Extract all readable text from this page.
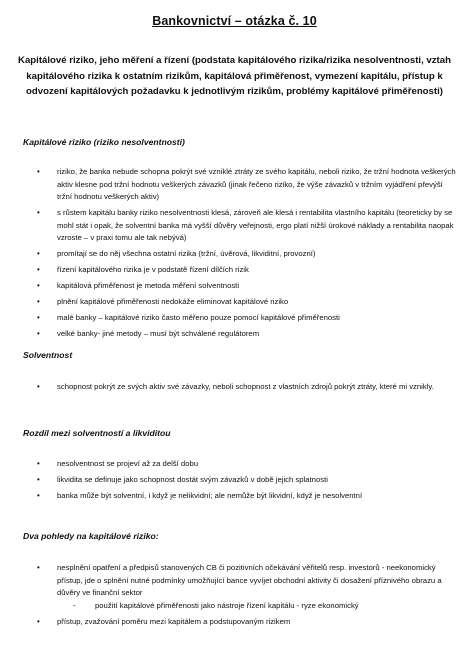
Bankovnictví – otázka č. 10
Kapitálové riziko, jeho měření a řízení (podstata kapitálového rizika/rizika nesolventnosti, vztah kapitálového rizika k ostatním rizikům, kapitálová přiměřenost, vymezení kapitálu, přístup k odvození kapitálových požadavku k jednotlivým rizikům, problémy kapitálové přiměřenosti)
Kapitálové riziko (riziko nesolventnosti)
• riziko, že banka nebude schopna pokrýt své vzniklé ztráty ze svého kapitálu, neboli riziko, že tržní hodnota veškerých aktiv klesne pod tržní hodnotu veškerých závazků (jinak řečeno riziko, že výše závazků v tržním vyjádření převýší tržní hodnotu veškerých aktiv)
• s růstem kapitálu banky riziko nesolventnosti klesá, zároveň ale klesá i rentabilita vlastního kapitálu (teoreticky by se mohl stát i opak, že solventní banka má vyšší důvěry veřejnosti, ergo platí nižší úrokové náklady a rentabilita naopak vzroste – v praxi tomu ale tak nebývá)
• promítají se do něj všechna ostatní rizika (tržní, úvěrová, likviditní, provozní)
• řízení kapitálového rizika je v podstatě řízení dílčích rizik
• kapitálová přiměřenost je metoda měření solventnosti
• plnění kapitálové přiměřenosti nedokáže eliminovat kapitálové riziko
• malé banky – kapitálové riziko často měřeno pouze pomocí kapitálové přiměřenosti
• velké banky- jiné metody – musí být schválené regulátorem
Solventnost
• schopnost pokrýt ze svých aktiv své závazky, neboli schopnost z vlastních zdrojů pokrýt ztráty, které mi vznikly.
Rozdíl mezi solventností a likviditou
• nesolventnost se projeví až za delší dobu
• likvidita se definuje jako schopnost dostát svým závazků v době jejich splatnosti
• banka může být solventní, i když je nelikvidní; ale nemůže být likvidní, když je nesolventní
Dva pohledy na kapitálové riziko:
• nesplnění opatření a předpisů stanovených CB či pozitivních očekávání věřitelů resp. investorů - neekonomický přístup, jde o splnění nutné podmínky umožňující bance vyvíjet obchodní aktivity či dosažení příznivého obrazu a důvěry ve finanční sektor
-	použití kapitálové přiměřenosti jako nástroje řízení kapitálu - ryze ekonomický
• přístup, zvažování poměru mezi kapitálem a podstupovaným rizikem
